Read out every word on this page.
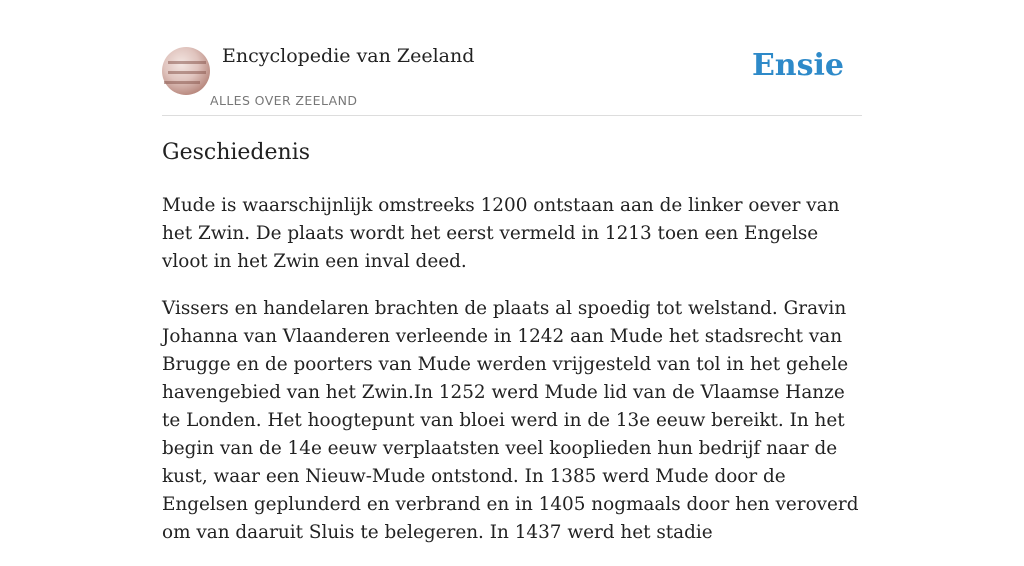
Encyclopedie van Zeeland
ALLES OVER ZEELAND
Ensie
Geschiedenis

Mude is waarschijnlijk omstreeks 1200 ontstaan aan de linker oever van het Zwin. De plaats wordt het eerst vermeld in 1213 toen een Engelse vloot in het Zwin een inval deed.

Vissers en handelaren brachten de plaats al spoedig tot welstand. Gravin Johanna van Vlaanderen verleende in 1242 aan Mude het stadsrecht van Brugge en de poorters van Mude werden vrijgesteld van tol in het gehele havengebied van het Zwin.In 1252 werd Mude lid van de Vlaamse Hanze te Londen. Het hoogtepunt van bloei werd in de 13e eeuw bereikt. In het begin van de 14e eeuw verplaatsten veel kooplieden hun bedrijf naar de kust, waar een Nieuw-Mude ontstond. In 1385 werd Mude door de Engelsen geplunderd en verbrand en in 1405 nogmaals door hen veroverd om van daaruit Sluis te belegeren. In 1437 werd het stadie
